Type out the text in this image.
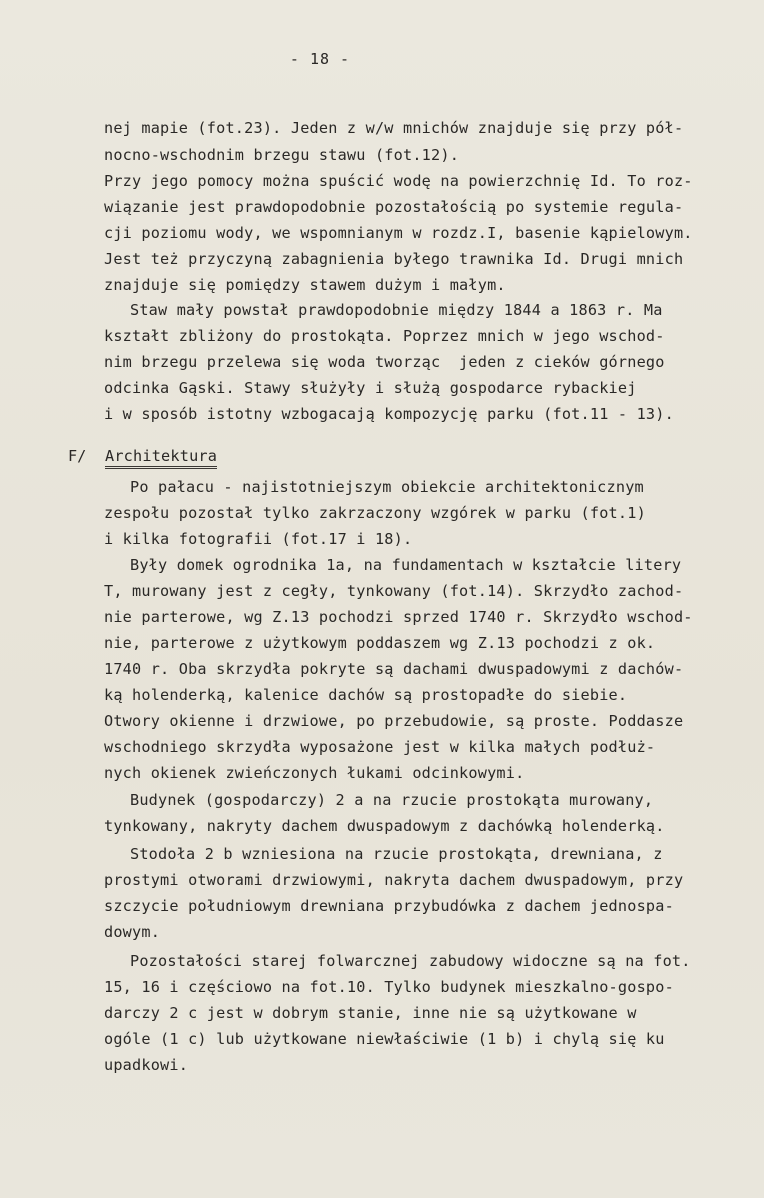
- 18 -
nej mapie (fot.23). Jeden z w/w mnichów znajduje się przy pół-
nocno-wschodnim brzegu stawu (fot.12).
Przy jego pomocy można spuścić wodę na powierzchnię Id. To roz-
wiązanie jest prawdopodobnie pozostałością po systemie regula-
cji poziomu wody, we wspomnianym w rozdz.I, basenie kąpielowym.
Jest też przyczyną zabagnienia byłego trawnika Id. Drugi mnich
znajduje się pomiędzy stawem dużym i małym.
Staw mały powstał prawdopodobnie między 1844 a 1863 r. Ma
kształt zbliżony do prostokąta. Poprzez mnich w jego wschod-
nim brzegu przelewa się woda tworząc  jeden z cieków górnego
odcinka Gąski. Stawy służyły i służą gospodarce rybackiej
i w sposób istotny wzbogacają kompozycję parku (fot.11 - 13).
F/ Architektura
Po pałacu - najistotniejszym obiekcie architektonicznym
zespołu pozostał tylko zakrzaczony wzgórek w parku (fot.1)
i kilka fotografii (fot.17 i 18).
Były domek ogrodnika 1a, na fundamentach w kształcie litery
T, murowany jest z cegły, tynkowany (fot.14). Skrzydło zachod-
nie parterowe, wg Z.13 pochodzi sprzed 1740 r. Skrzydło wschod-
nie, parterowe z użytkowym poddaszem wg Z.13 pochodzi z ok.
1740 r. Oba skrzydła pokryte są dachami dwuspadowymi z dachów-
ką holenderką, kalenice dachów są prostopadłe do siebie.
Otwory okienne i drzwiowe, po przebudowie, są proste. Poddasze
wschodniego skrzydła wyposażone jest w kilka małych podłuż-
nych okienek zwieńczonych łukami odcinkowymi.
Budynek (gospodarczy) 2 a na rzucie prostokąta murowany,
tynkowany, nakryty dachem dwuspadowym z dachówką holenderką.
Stodoła 2 b wzniesiona na rzucie prostokąta, drewniana, z
prostymi otworami drzwiowymi, nakryta dachem dwuspadowym, przy
szczycie południowym drewniana przybudówka z dachem jednospa-
dowym.
Pozostałości starej folwarcznej zabudowy widoczne są na fot.
15, 16 i częściowo na fot.10. Tylko budynek mieszkalno-gospo-
darczy 2 c jest w dobrym stanie, inne nie są użytkowane w
ogóle (1 c) lub użytkowane niewłaściwie (1 b) i chylą się ku
upadkowi.
